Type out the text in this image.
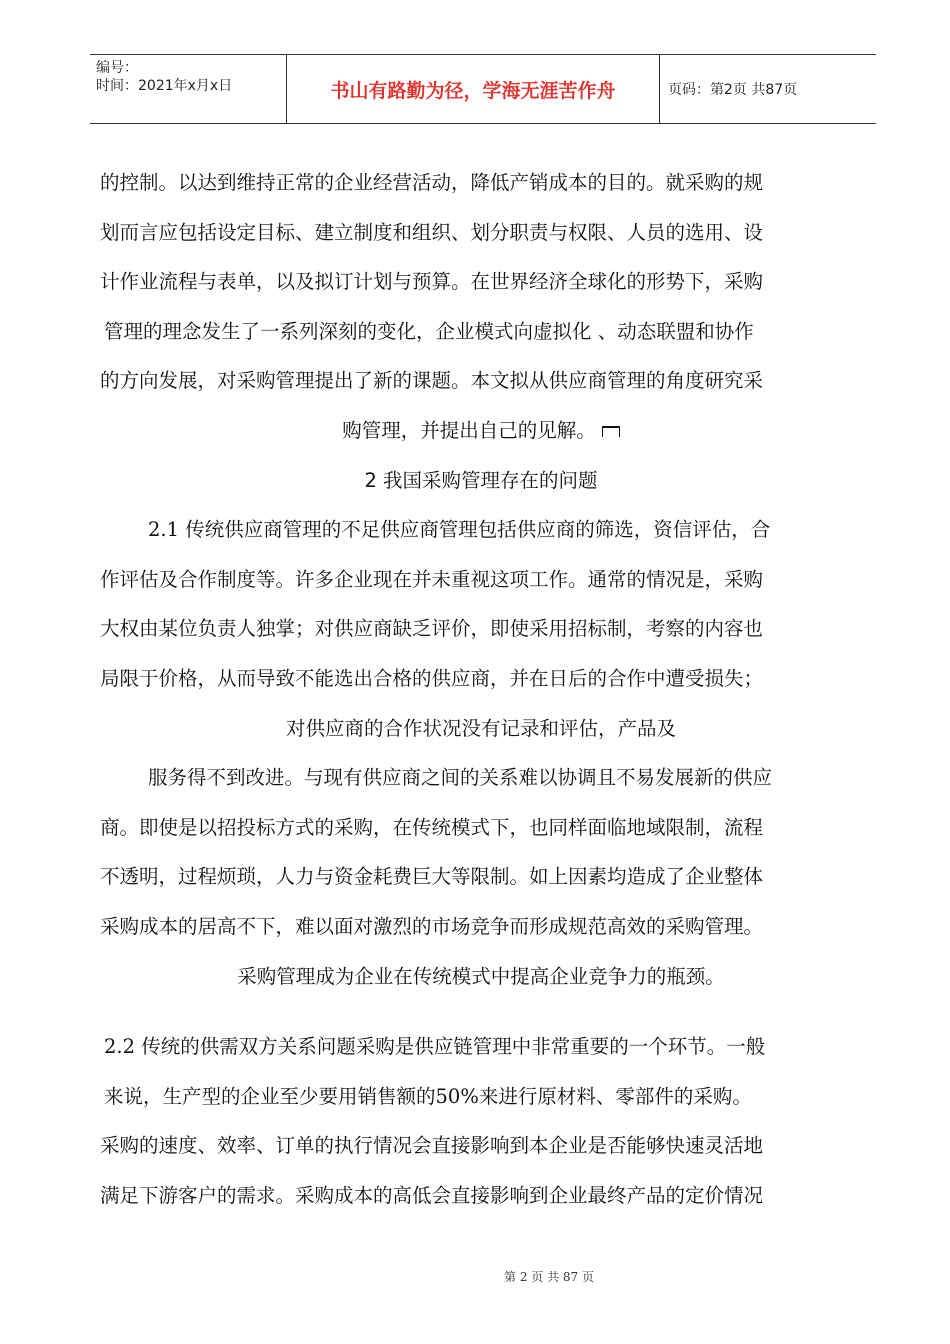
编号：
时间：2021年x月x日	书山有路勤为径，学海无涯苦作舟	页码：第2页 共87页

的控制。以达到维持正常的企业经营活动，降低产销成本的目的。就采购的规

划而言应包括设定目标、建立制度和组织、划分职责与权限、人员的选用、设

计作业流程与表单，以及拟订计划与预算。在世界经济全球化的形势下，采购

管理的理念发生了一系列深刻的变化，企业模式向虚拟化 、动态联盟和协作

的方向发展，对采购管理提出了新的课题。本文拟从供应商管理的角度研究采

购管理，并提出自己的见解。

2 我国采购管理存在的问题

2.1 传统供应商管理的不足供应商管理包括供应商的筛选，资信评估，合

作评估及合作制度等。许多企业现在并未重视这项工作。通常的情况是，采购

大权由某位负责人独掌；对供应商缺乏评价，即使采用招标制，考察的内容也

局限于价格，从而导致不能选出合格的供应商，并在日后的合作中遭受损失；

对供应商的合作状况没有记录和评估，产品及

服务得不到改进。与现有供应商之间的关系难以协调且不易发展新的供应

商。即使是以招投标方式的采购，在传统模式下，也同样面临地域限制，流程

不透明，过程烦琐，人力与资金耗费巨大等限制。如上因素均造成了企业整体

采购成本的居高不下，难以面对激烈的市场竞争而形成规范高效的采购管理。

采购管理成为企业在传统模式中提高企业竞争力的瓶颈。

2.2 传统的供需双方关系问题采购是供应链管理中非常重要的一个环节。一般

来说，生产型的企业至少要用销售额的50%来进行原材料、零部件的采购。

采购的速度、效率、订单的执行情况会直接影响到本企业是否能够快速灵活地

满足下游客户的需求。采购成本的高低会直接影响到企业最终产品的定价情况

第 2 页 共 87 页
